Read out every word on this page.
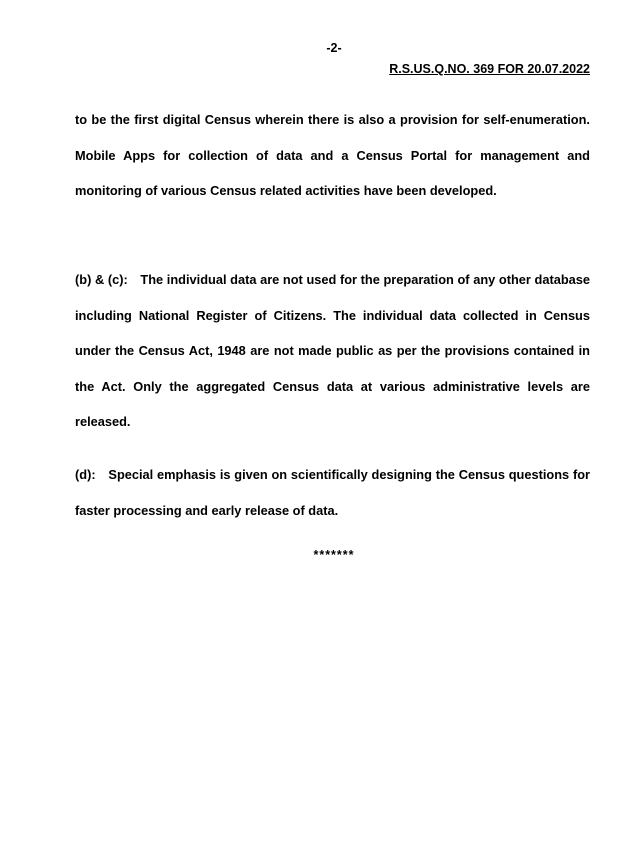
-2-
R.S.US.Q.NO. 369 FOR 20.07.2022
to be the first digital Census wherein there is also a provision for self-enumeration. Mobile Apps for collection of data and a Census Portal for management and monitoring of various Census related activities have been developed.
(b) & (c): The individual data are not used for the preparation of any other database including National Register of Citizens. The individual data collected in Census under the Census Act, 1948 are not made public as per the provisions contained in the Act. Only the aggregated Census data at various administrative levels are released.
(d): Special emphasis is given on scientifically designing the Census questions for faster processing and early release of data.
*******
